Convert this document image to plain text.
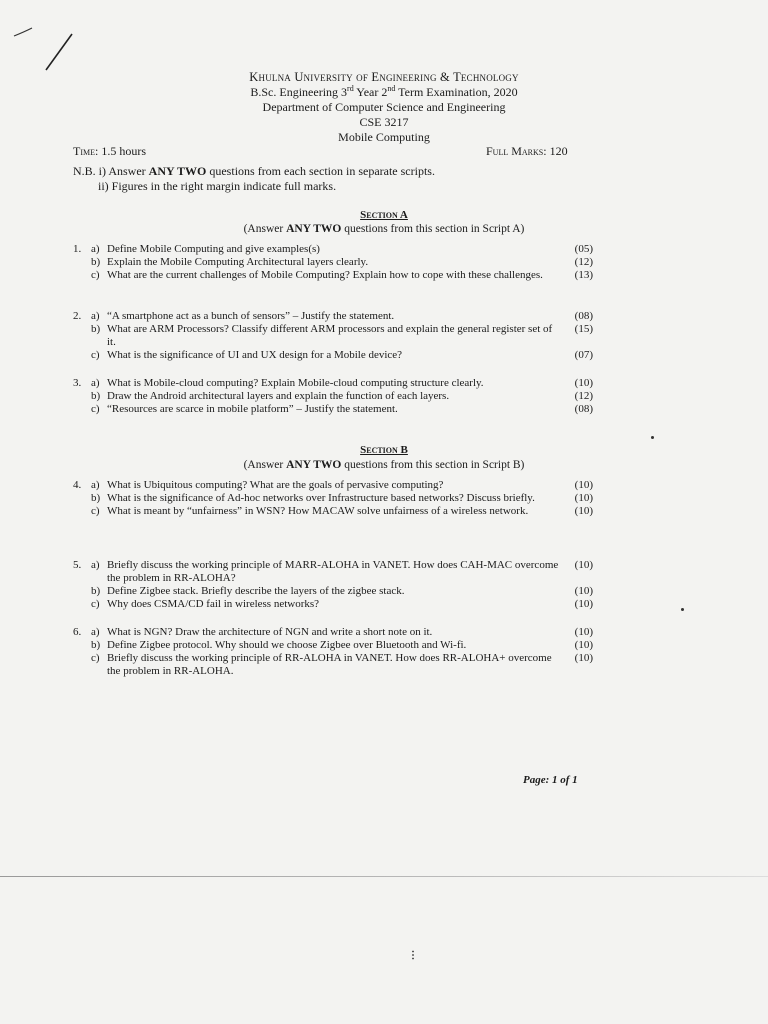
Khulna University of Engineering & Technology
B.Sc. Engineering 3rd Year 2nd Term Examination, 2020
Department of Computer Science and Engineering
CSE 3217
Mobile Computing
Time: 1.5 hours	Full Marks: 120
N.B. i) Answer ANY TWO questions from each section in separate scripts.
ii) Figures in the right margin indicate full marks.
Section A
(Answer ANY TWO questions from this section in Script A)
1. a) Define Mobile Computing and give examples(s)	(05)
b) Explain the Mobile Computing Architectural layers clearly.	(12)
c) What are the current challenges of Mobile Computing? Explain how to cope with these challenges.	(13)
2. a) “A smartphone act as a bunch of sensors” – Justify the statement.	(08)
b) What are ARM Processors? Classify different ARM processors and explain the general register set of it.
(15)
c) What is the significance of UI and UX design for a Mobile device?	(07)
3. a) What is Mobile-cloud computing? Explain Mobile-cloud computing structure clearly.	(10)
b) Draw the Android architectural layers and explain the function of each layers.	(12)
c) “Resources are scarce in mobile platform” – Justify the statement.	(08)
Section B
(Answer ANY TWO questions from this section in Script B)
4. a) What is Ubiquitous computing? What are the goals of pervasive computing?	(10)
b) What is the significance of Ad-hoc networks over Infrastructure based networks? Discuss briefly.	(10)
c) What is meant by “unfairness” in WSN? How MACAW solve unfairness of a wireless network.	(10)
5. a) Briefly discuss the working principle of MARR-ALOHA in VANET. How does CAH-MAC overcome the problem in RR-ALOHA?
(10)
b) Define Zigbee stack. Briefly describe the layers of the zigbee stack.	(10)
c) Why does CSMA/CD fail in wireless networks?	(10)
6. a) What is NGN? Draw the architecture of NGN and write a short note on it.	(10)
b) Define Zigbee protocol. Why should we choose Zigbee over Bluetooth and Wi-fi.	(10)
c) Briefly discuss the working principle of RR-ALOHA in VANET. How does RR-ALOHA+ overcome the problem in RR-ALOHA.
(10)
Page: 1 of 1
